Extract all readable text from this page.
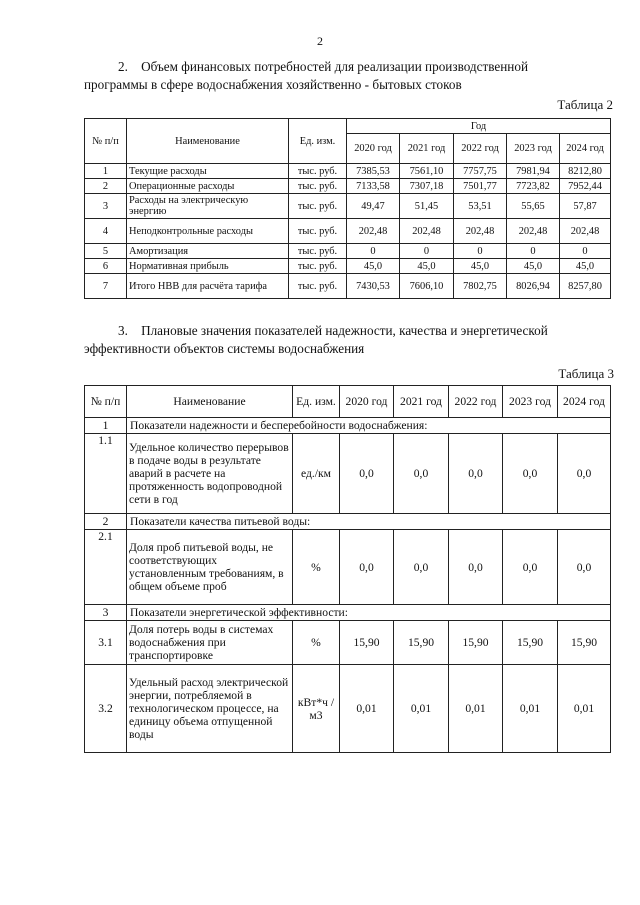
2
2. Объем финансовых потребностей для реализации производственной программы в сфере водоснабжения хозяйственно - бытовых стоков
Таблица 2
№ п/п	Наименование	Ед. изм.	Год				
			2020 год	2021 год	2022 год	2023 год	2024 год
1	Текущие расходы	тыс. руб.	7385,53	7561,10	7757,75	7981,94	8212,80
2	Операционные расходы	тыс. руб.	7133,58	7307,18	7501,77	7723,82	7952,44
3	Расходы на электрическую энергию	тыс. руб.	49,47	51,45	53,51	55,65	57,87
4	Неподконтрольные расходы	тыс. руб.	202,48	202,48	202,48	202,48	202,48
5	Амортизация	тыс. руб.	0	0	0	0	0
6	Нормативная прибыль	тыс. руб.	45,0	45,0	45,0	45,0	45,0
7	Итого НВВ для расчёта тарифа	тыс. руб.	7430,53	7606,10	7802,75	8026,94	8257,80
3. Плановые значения показателей надежности, качества и энергетической эффективности объектов системы водоснабжения
Таблица 3
№ п/п	Наименование	Ед. изм.	2020 год	2021 год	2022 год	2023 год	2024 год
1	Показатели надежности и бесперебойности водоснабжения:						
1.1	Удельное количество перерывов в подаче воды в результате аварий в расчете на протяженность водопроводной сети в год	ед./км	0,0	0,0	0,0	0,0	0,0
2	Показатели качества питьевой воды:						
2.1	Доля проб питьевой воды, не соответствующих установленным требованиям, в общем объеме проб	%	0,0	0,0	0,0	0,0	0,0
3	Показатели энергетической эффективности:						
3.1	Доля потерь воды в системах водоснабжения при транспортировке	%	15,90	15,90	15,90	15,90	15,90
3.2	Удельный расход электрической энергии, потребляемой в технологическом процессе, на единицу объема отпущенной воды	кВт*ч /м3	0,01	0,01	0,01	0,01	0,01
